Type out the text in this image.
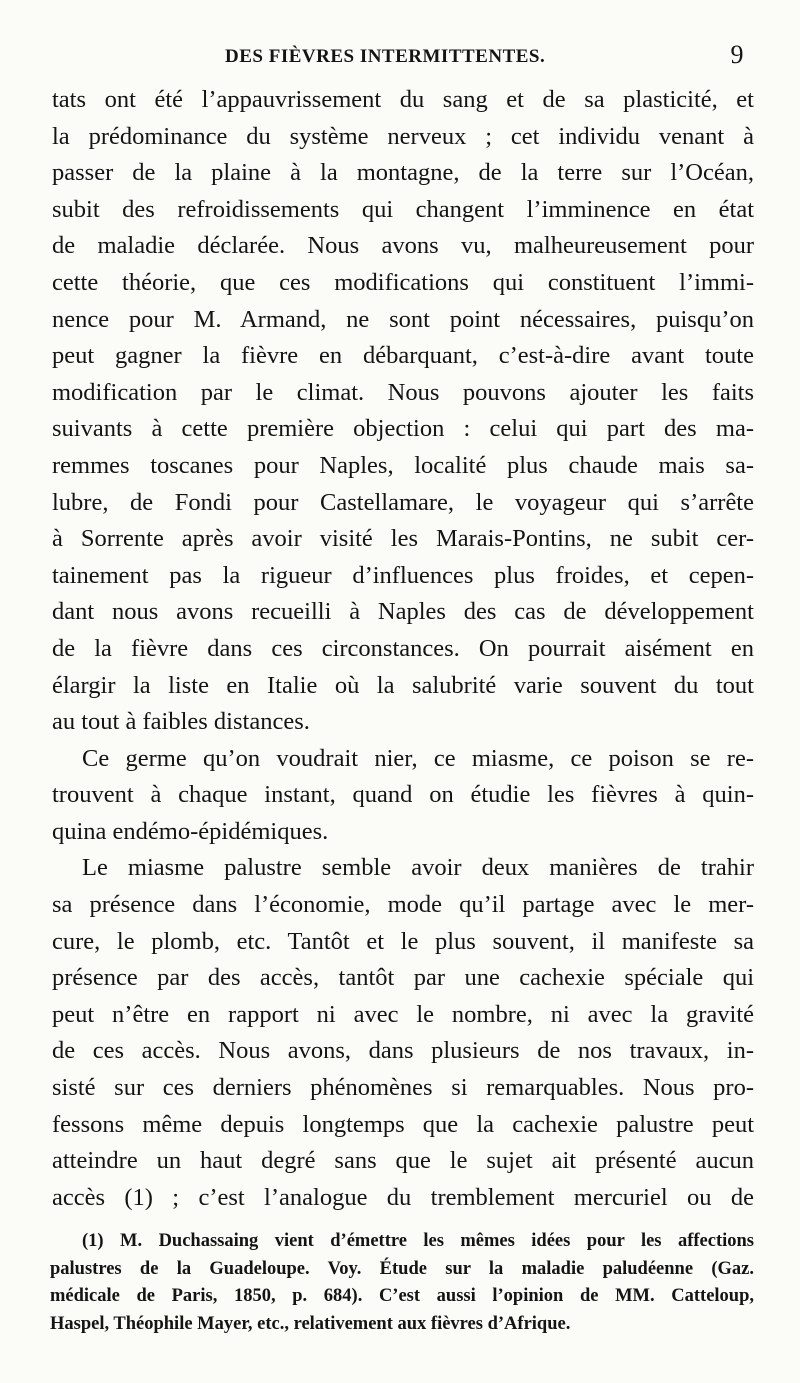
DES FIÈVRES INTERMITTENTES.	9
tats ont été l’appauvrissement du sang et de sa plasticité, et
la prédominance du système nerveux ; cet individu venant à
passer de la plaine à la montagne, de la terre sur l’Océan,
subit des refroidissements qui changent l’imminence en état
de maladie déclarée. Nous avons vu, malheureusement pour
cette théorie, que ces modifications qui constituent l’immi-
nence pour M. Armand, ne sont point nécessaires, puisqu’on
peut gagner la fièvre en débarquant, c’est-à-dire avant toute
modification par le climat. Nous pouvons ajouter les faits
suivants à cette première objection : celui qui part des ma-
remmes toscanes pour Naples, localité plus chaude mais sa-
lubre, de Fondi pour Castellamare, le voyageur qui s’arrête
à Sorrente après avoir visité les Marais-Pontins, ne subit cer-
tainement pas la rigueur d’influences plus froides, et cepen-
dant nous avons recueilli à Naples des cas de développement
de la fièvre dans ces circonstances. On pourrait aisément en
élargir la liste en Italie où la salubrité varie souvent du tout
au tout à faibles distances.
Ce germe qu’on voudrait nier, ce miasme, ce poison se re-
trouvent à chaque instant, quand on étudie les fièvres à quin-
quina endémo-épidémiques.
Le miasme palustre semble avoir deux manières de trahir
sa présence dans l’économie, mode qu’il partage avec le mer-
cure, le plomb, etc. Tantôt et le plus souvent, il manifeste sa
présence par des accès, tantôt par une cachexie spéciale qui
peut n’être en rapport ni avec le nombre, ni avec la gravité
de ces accès. Nous avons, dans plusieurs de nos travaux, in-
sisté sur ces derniers phénomènes si remarquables. Nous pro-
fessons même depuis longtemps que la cachexie palustre peut
atteindre un haut degré sans que le sujet ait présenté aucun
accès (1) ; c’est l’analogue du tremblement mercuriel ou de
(1) M. Duchassaing vient d’émettre les mêmes idées pour les affections
palustres de la Guadeloupe. Voy. Étude sur la maladie paludéenne (Gaz.
médicale de Paris, 1850, p. 684). C’est aussi l’opinion de MM. Catteloup,
Haspel, Théophile Mayer, etc., relativement aux fièvres d’Afrique.
